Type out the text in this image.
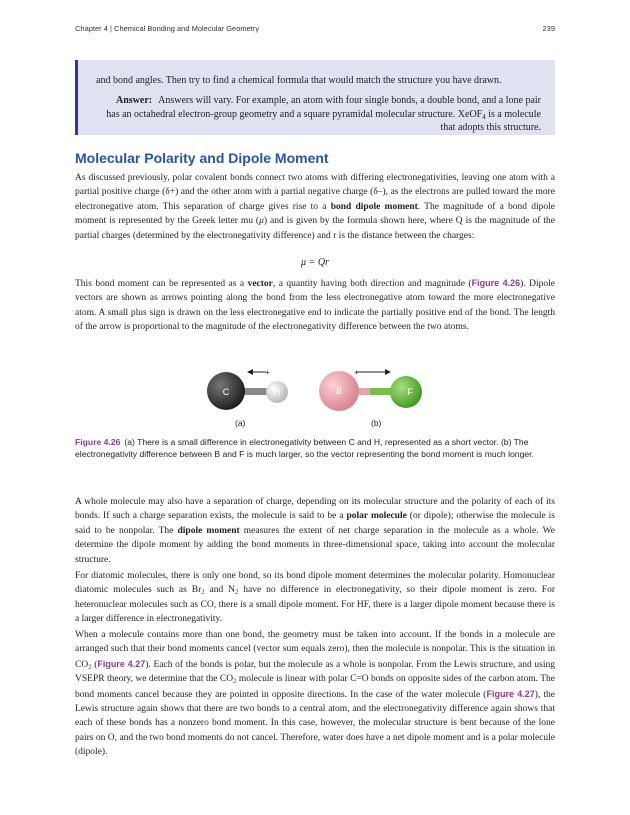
Chapter 4 | Chemical Bonding and Molecular Geometry	239
and bond angles. Then try to find a chemical formula that would match the structure you have drawn.
Answer: Answers will vary. For example, an atom with four single bonds, a double bond, and a lone pair has an octahedral electron-group geometry and a square pyramidal molecular structure. XeOF$_4$ is a molecule that adopts this structure.
Molecular Polarity and Dipole Moment

As discussed previously, polar covalent bonds connect two atoms with differing electronegativities, leaving one atom with a partial positive charge (δ+) and the other atom with a partial negative charge (δ–), as the electrons are pulled toward the more electronegative atom. This separation of charge gives rise to a bond dipole moment. The magnitude of a bond dipole moment is represented by the Greek letter mu (μ) and is given by the formula shown here, where Q is the magnitude of the partial charges (determined by the electronegativity difference) and r is the distance between the charges:

μ = Qr

This bond moment can be represented as a vector, a quantity having both direction and magnitude (Figure 4.26). Dipole vectors are shown as arrows pointing along the bond from the less electronegative atom toward the more electronegative atom. A small plus sign is drawn on the less electronegative end to indicate the partially positive end of the bond. The length of the arrow is proportional to the magnitude of the electronegativity difference between the two atoms.

C	H
+
B	F
+
(a)	(b)
Figure 4.26 (a) There is a small difference in electronegativity between C and H, represented as a short vector. (b) The electronegativity difference between B and F is much larger, so the vector representing the bond moment is much longer.

A whole molecule may also have a separation of charge, depending on its molecular structure and the polarity of each of its bonds. If such a charge separation exists, the molecule is said to be a polar molecule (or dipole); otherwise the molecule is said to be nonpolar. The dipole moment measures the extent of net charge separation in the molecule as a whole. We determine the dipole moment by adding the bond moments in three-dimensional space, taking into account the molecular structure.

For diatomic molecules, there is only one bond, so its bond dipole moment determines the molecular polarity. Homonuclear diatomic molecules such as $Br_2$ and $N_2$ have no difference in electronegativity, so their dipole moment is zero. For heteronuclear molecules such as CO, there is a small dipole moment. For HF, there is a larger dipole moment because there is a larger difference in electronegativity.

When a molecule contains more than one bond, the geometry must be taken into account. If the bonds in a molecule are arranged such that their bond moments cancel (vector sum equals zero), then the molecule is nonpolar. This is the situation in $CO_2$ (Figure 4.27). Each of the bonds is polar, but the molecule as a whole is nonpolar. From the Lewis structure, and using VSEPR theory, we determine that the $CO_2$ molecule is linear with polar C=O bonds on opposite sides of the carbon atom. The bond moments cancel because they are pointed in opposite directions. In the case of the water molecule (Figure 4.27), the Lewis structure again shows that there are two bonds to a central atom, and the electronegativity difference again shows that each of these bonds has a nonzero bond moment. In this case, however, the molecular structure is bent because of the lone pairs on O, and the two bond moments do not cancel. Therefore, water does have a net dipole moment and is a polar molecule (dipole).
